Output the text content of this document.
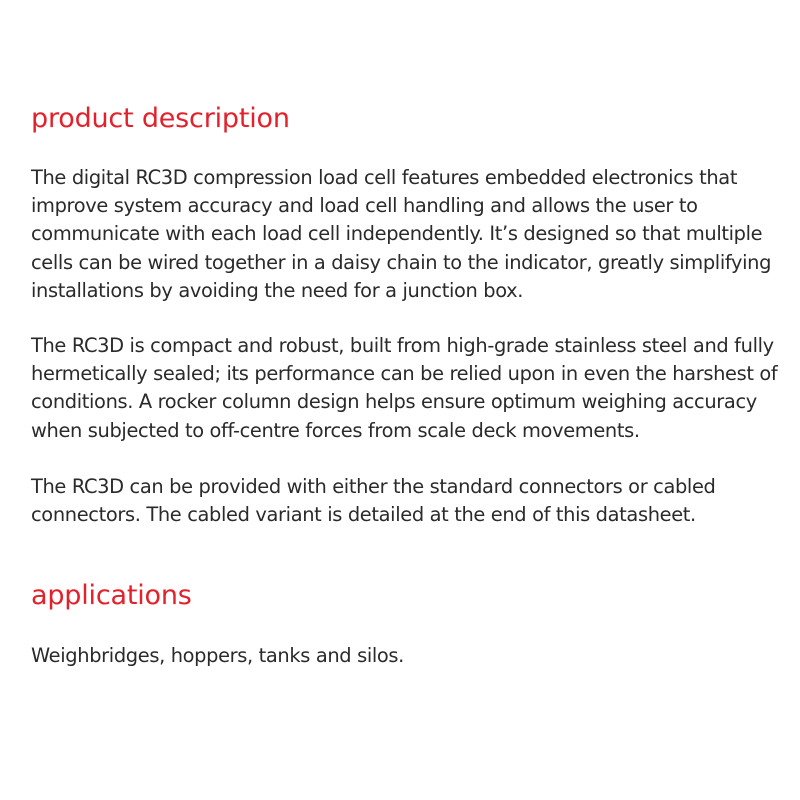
product description

The digital RC3D compression load cell features embedded electronics that improve system accuracy and load cell handling and allows the user to communicate with each load cell independently. It’s designed so that multiple cells can be wired together in a daisy chain to the indicator, greatly simplifying installations by avoiding the need for a junction box.

The RC3D is compact and robust, built from high-grade stainless steel and fully hermetically sealed; its performance can be relied upon in even the harshest of conditions. A rocker column design helps ensure optimum weighing accuracy when subjected to off-centre forces from scale deck movements.

The RC3D can be provided with either the standard connectors or cabled connectors. The cabled variant is detailed at the end of this datasheet.

applications

Weighbridges, hoppers, tanks and silos.
